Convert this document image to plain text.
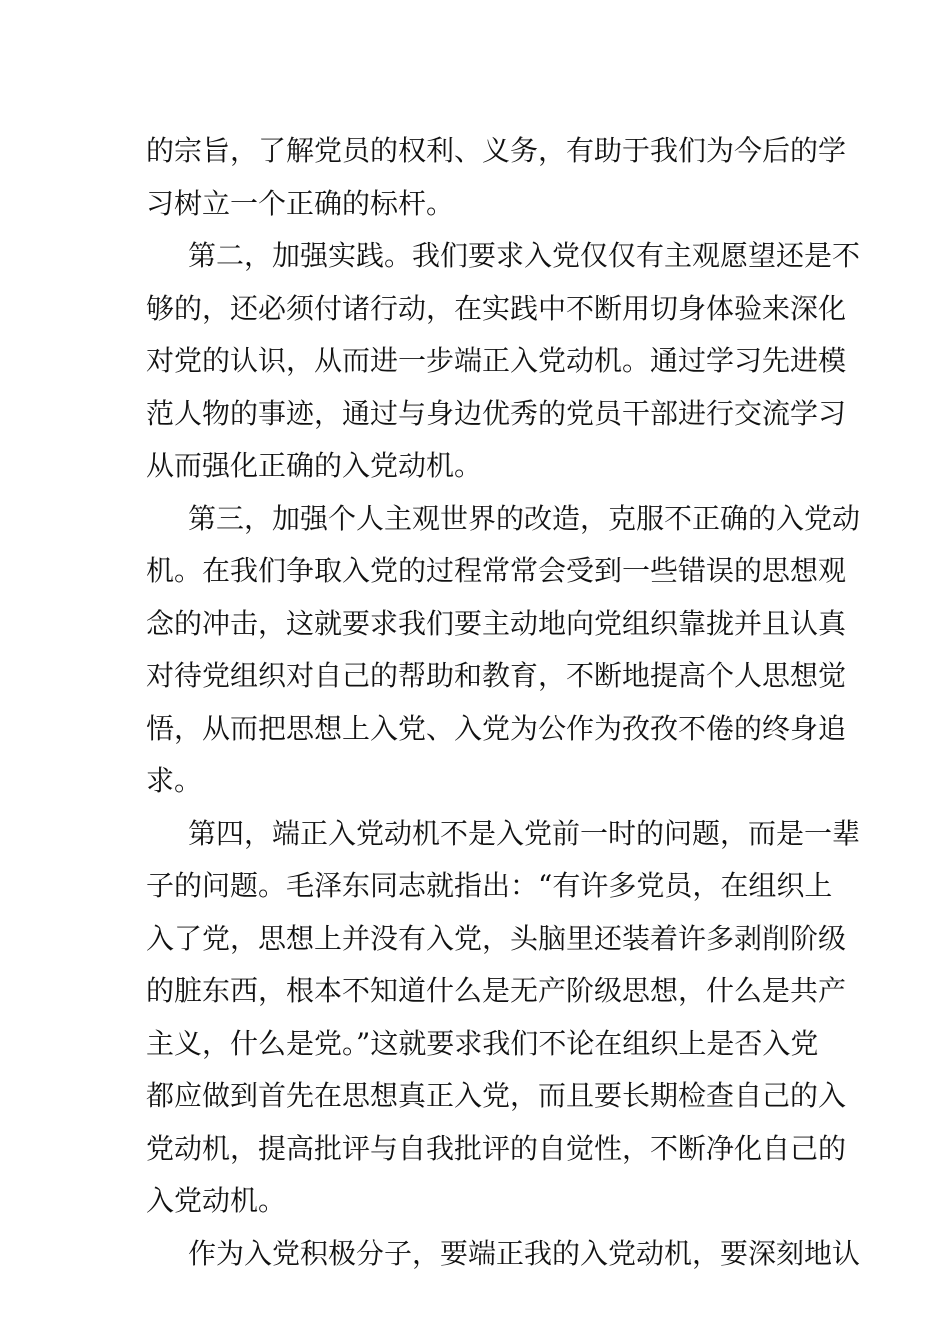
的宗旨，了解党员的权利、义务，有助于我们为今后的学
习树立一个正确的标杆。
第二，加强实践。我们要求入党仅仅有主观愿望还是不
够的，还必须付诸行动，在实践中不断用切身体验来深化
对党的认识，从而进一步端正入党动机。通过学习先进模
范人物的事迹，通过与身边优秀的党员干部进行交流学习
从而强化正确的入党动机。
第三，加强个人主观世界的改造，克服不正确的入党动
机。在我们争取入党的过程常常会受到一些错误的思想观
念的冲击，这就要求我们要主动地向党组织靠拢并且认真
对待党组织对自己的帮助和教育，不断地提高个人思想觉
悟，从而把思想上入党、入党为公作为孜孜不倦的终身追
求。
第四，端正入党动机不是入党前一时的问题，而是一辈
子的问题。毛泽东同志就指出：“有许多党员，在组织上
入了党，思想上并没有入党，头脑里还装着许多剥削阶级
的脏东西，根本不知道什么是无产阶级思想，什么是共产
主义，什么是党。”这就要求我们不论在组织上是否入党
都应做到首先在思想真正入党，而且要长期检查自己的入
党动机，提高批评与自我批评的自觉性，不断净化自己的
入党动机。
作为入党积极分子，要端正我的入党动机，要深刻地认
